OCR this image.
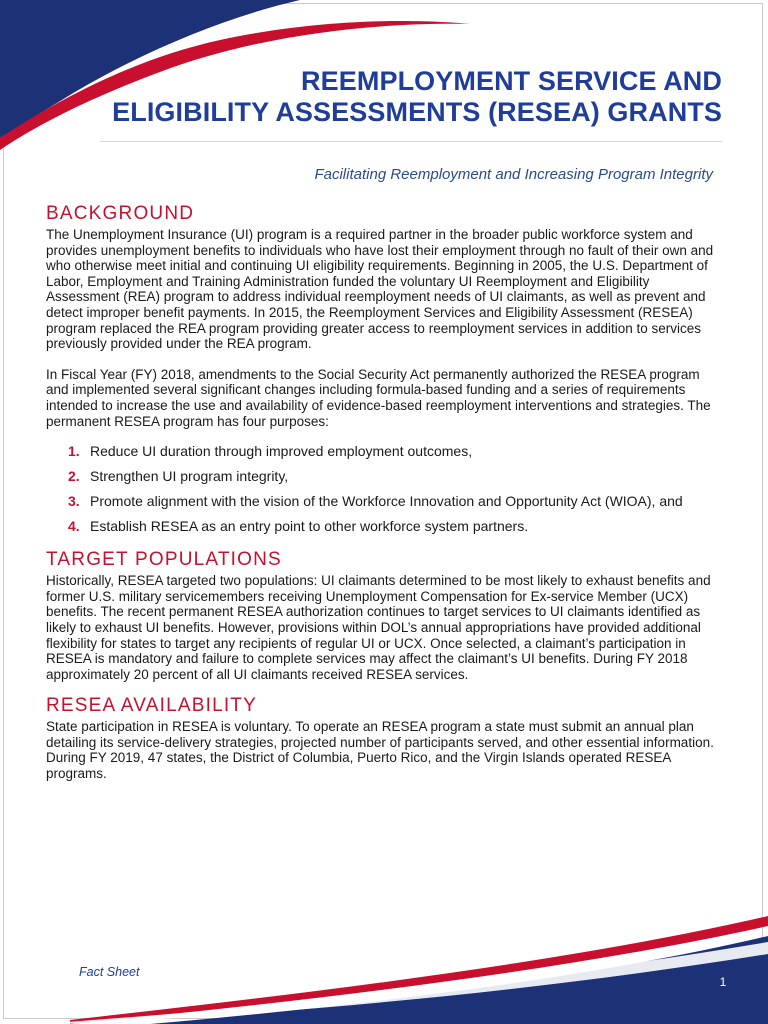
REEMPLOYMENT SERVICE AND
ELIGIBILITY ASSESSMENTS (RESEA) GRANTS
Facilitating Reemployment and Increasing Program Integrity
BACKGROUND

The Unemployment Insurance (UI) program is a required partner in the broader public workforce system and provides unemployment benefits to individuals who have lost their employment through no fault of their own and who otherwise meet initial and continuing UI eligibility requirements. Beginning in 2005, the U.S. Department of Labor, Employment and Training Administration funded the voluntary UI Reemployment and Eligibility Assessment (REA) program to address individual reemployment needs of UI claimants, as well as prevent and detect improper benefit payments. In 2015, the Reemployment Services and Eligibility Assessment (RESEA) program replaced the REA program providing greater access to reemployment services in addition to services previously provided under the REA program.

In Fiscal Year (FY) 2018, amendments to the Social Security Act permanently authorized the RESEA program and implemented several significant changes including formula-based funding and a series of requirements intended to increase the use and availability of evidence-based reemployment interventions and strategies. The permanent RESEA program has four purposes:

1. Reduce UI duration through improved employment outcomes,
2. Strengthen UI program integrity,
3. Promote alignment with the vision of the Workforce Innovation and Opportunity Act (WIOA), and
4. Establish RESEA as an entry point to other workforce system partners.
TARGET POPULATIONS

Historically, RESEA targeted two populations: UI claimants determined to be most likely to exhaust benefits and former U.S. military servicemembers receiving Unemployment Compensation for Ex-service Member (UCX) benefits. The recent permanent RESEA authorization continues to target services to UI claimants identified as likely to exhaust UI benefits. However, provisions within DOL’s annual appropriations have provided additional flexibility for states to target any recipients of regular UI or UCX. Once selected, a claimant’s participation in RESEA is mandatory and failure to complete services may affect the claimant’s UI benefits. During FY 2018 approximately 20 percent of all UI claimants received RESEA services.

RESEA AVAILABILITY

State participation in RESEA is voluntary. To operate an RESEA program a state must submit an annual plan detailing its service-delivery strategies, projected number of participants served, and other essential information. During FY 2019, 47 states, the District of Columbia, Puerto Rico, and the Virgin Islands operated RESEA programs.

Fact Sheet
1
